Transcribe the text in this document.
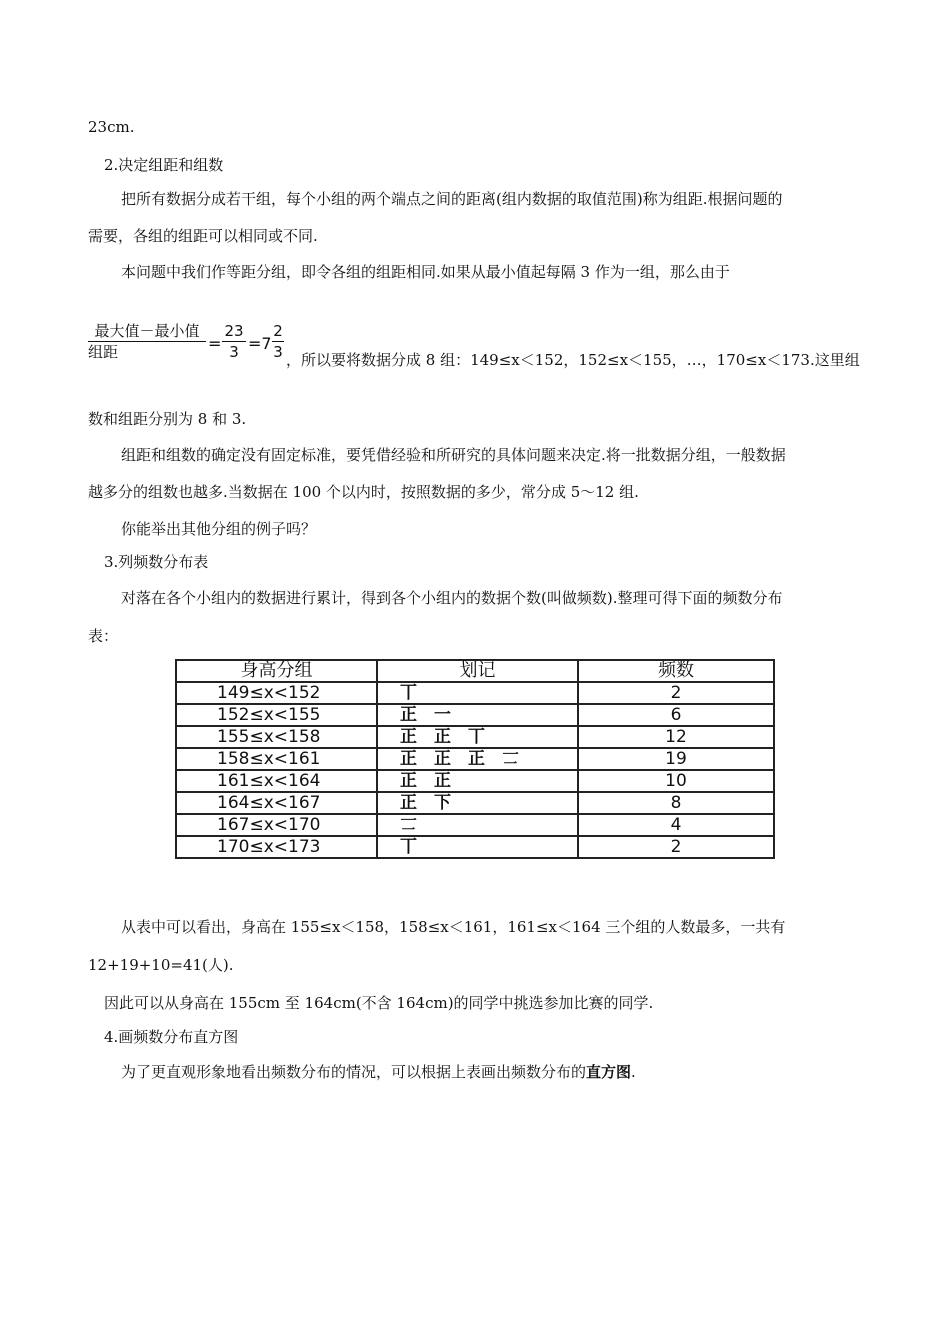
23cm.
2.决定组距和组数
把所有数据分成若干组，每个小组的两个端点之间的距离(组内数据的取值范围)称为组距.根据问题的
需要，各组的组距可以相同或不同.
本问题中我们作等距分组，即令各组的组距相同.如果从最小值起每隔 3 作为一组，那么由于
最大值－最小值
组距	=
23
3 =7
2
3 ，所以要将数据分成 8 组：149≤x＜152，152≤x＜155，…，170≤x＜173.这里组
数和组距分别为 8 和 3.
组距和组数的确定没有固定标准，要凭借经验和所研究的具体问题来决定.将一批数据分组，一般数据
越多分的组数也越多.当数据在 100 个以内时，按照数据的多少，常分成 5～12 组.
你能举出其他分组的例子吗？
3.列频数分布表
对落在各个小组内的数据进行累计，得到各个小组内的数据个数(叫做频数).整理可得下面的频数分布
表：
身高分组	划记	频数
149≤x<152	丅	2
152≤x<155	正　一	6
155≤x<158	正　正　丅	12
158≤x<161	正　正　正　𠄟	19
161≤x<164	正　正	10
164≤x<167	正　下	8
167≤x<170	𠄟	4
170≤x<173	丅	2
从表中可以看出，身高在 155≤x＜158，158≤x＜161，161≤x＜164 三个组的人数最多，一共有
12+19+10=41(人).
因此可以从身高在 155cm 至 164cm(不含 164cm)的同学中挑选参加比赛的同学.
4.画频数分布直方图
为了更直观形象地看出频数分布的情况，可以根据上表画出频数分布的直方图.
